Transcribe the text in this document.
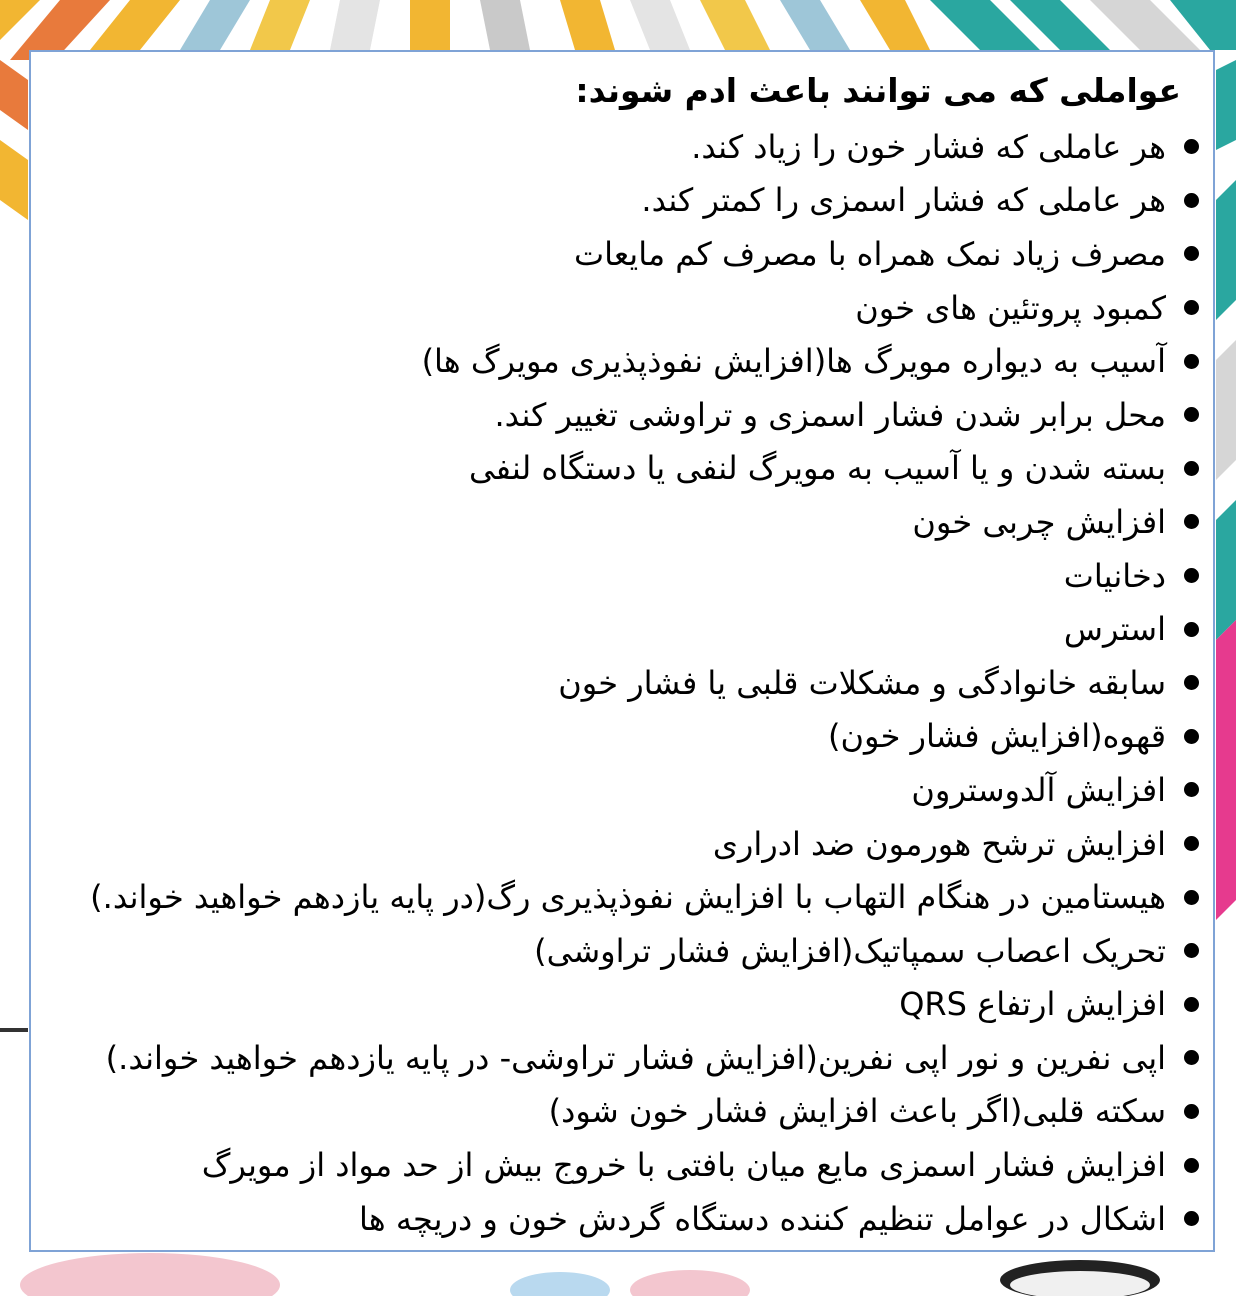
عواملی که می توانند باعث ادم شوند:
هر عاملی که فشار خون را زیاد کند.
هر عاملی که فشار اسمزی را کمتر کند.
مصرف زیاد نمک همراه با مصرف کم مایعات
کمبود پروتئین های خون
آسیب به دیواره مویرگ ها(افزایش نفوذپذیری مویرگ ها)
محل برابر شدن فشار اسمزی و تراوشی تغییر کند.
بسته شدن و یا آسیب به مویرگ لنفی یا دستگاه لنفی
افزایش چربی خون
دخانیات
استرس
سابقه خانوادگی و مشکلات قلبی یا فشار خون
قهوه(افزایش فشار خون)
افزایش آلدوسترون
افزایش ترشح هورمون ضد ادراری
هیستامین در هنگام التهاب با افزایش نفوذپذیری رگ(در پایه یازدهم خواهید خواند.)
تحریک اعصاب سمپاتیک(افزایش فشار تراوشی)
افزایش ارتفاع QRS
اپی نفرین و نور اپی نفرین(افزایش فشار تراوشی- در پایه یازدهم خواهید خواند.)
سکته قلبی(اگر باعث افزایش فشار خون شود)
افزایش فشار اسمزی مایع میان بافتی با خروج بیش از حد مواد از مویرگ
اشکال در عوامل تنظیم کننده دستگاه گردش خون و دریچه ها
